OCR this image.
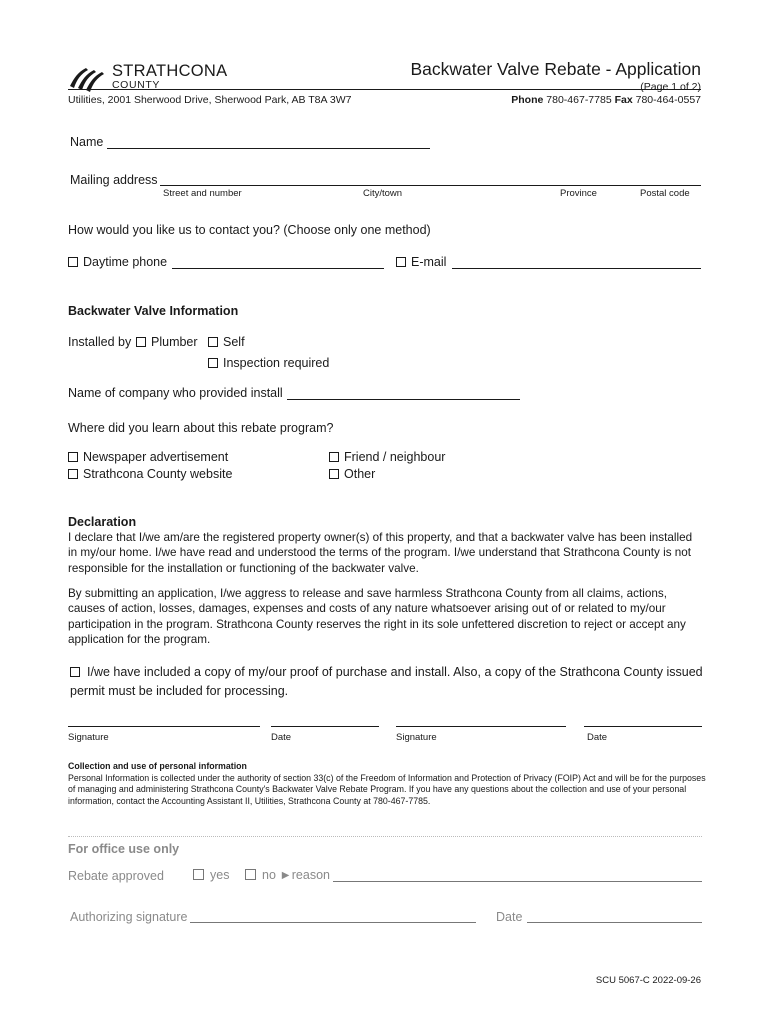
STRATHCONA
COUNTY
Backwater Valve Rebate - Application
(Page 1 of 2)
Utilities, 2001 Sherwood Drive, Sherwood Park, AB T8A 3W7	Phone 780-467-7785 Fax 780-464-0557
Name
Mailing address
Street and number	City/town	Province	Postal code
How would you like us to contact you? (Choose only one method)
Daytime phone	E-mail
Backwater Valve Information
Installed by	Plumber	Self
Inspection required
Name of company who provided install
Where did you learn about this rebate program?
Newspaper advertisement
Strathcona County website
Friend / neighbour
Other
Declaration
I declare that I/we am/are the registered property owner(s) of this property, and that a backwater valve has been installed in my/our home. I/we have read and understood the terms of the program. I/we understand that Strathcona County is not responsible for the installation or functioning of the backwater valve.
By submitting an application, I/we aggress to release and save harmless Strathcona County from all claims, actions, causes of action, losses, damages, expenses and costs of any nature whatsoever arising out of or related to my/our participation in the program. Strathcona County reserves the right in its sole unfettered discretion to reject or accept any application for the program.
I/we have included a copy of my/our proof of purchase and install. Also, a copy of the Strathcona County issued
permit must be included for processing.
Signature	Date	Signature	Date
Collection and use of personal information
Personal Information is collected under the authority of section 33(c) of the Freedom of Information and Protection of Privacy (FOIP) Act and will be for the purposes of managing and administering Strathcona County's Backwater Valve Rebate Program. If you have any questions about the collection and use of your personal information, contact the Accounting Assistant II, Utilities, Strathcona County at 780-467-7785.
For office use only
Rebate approved	yes	no ►reason
Authorizing signature	Date
SCU 5067-C 2022-09-26
